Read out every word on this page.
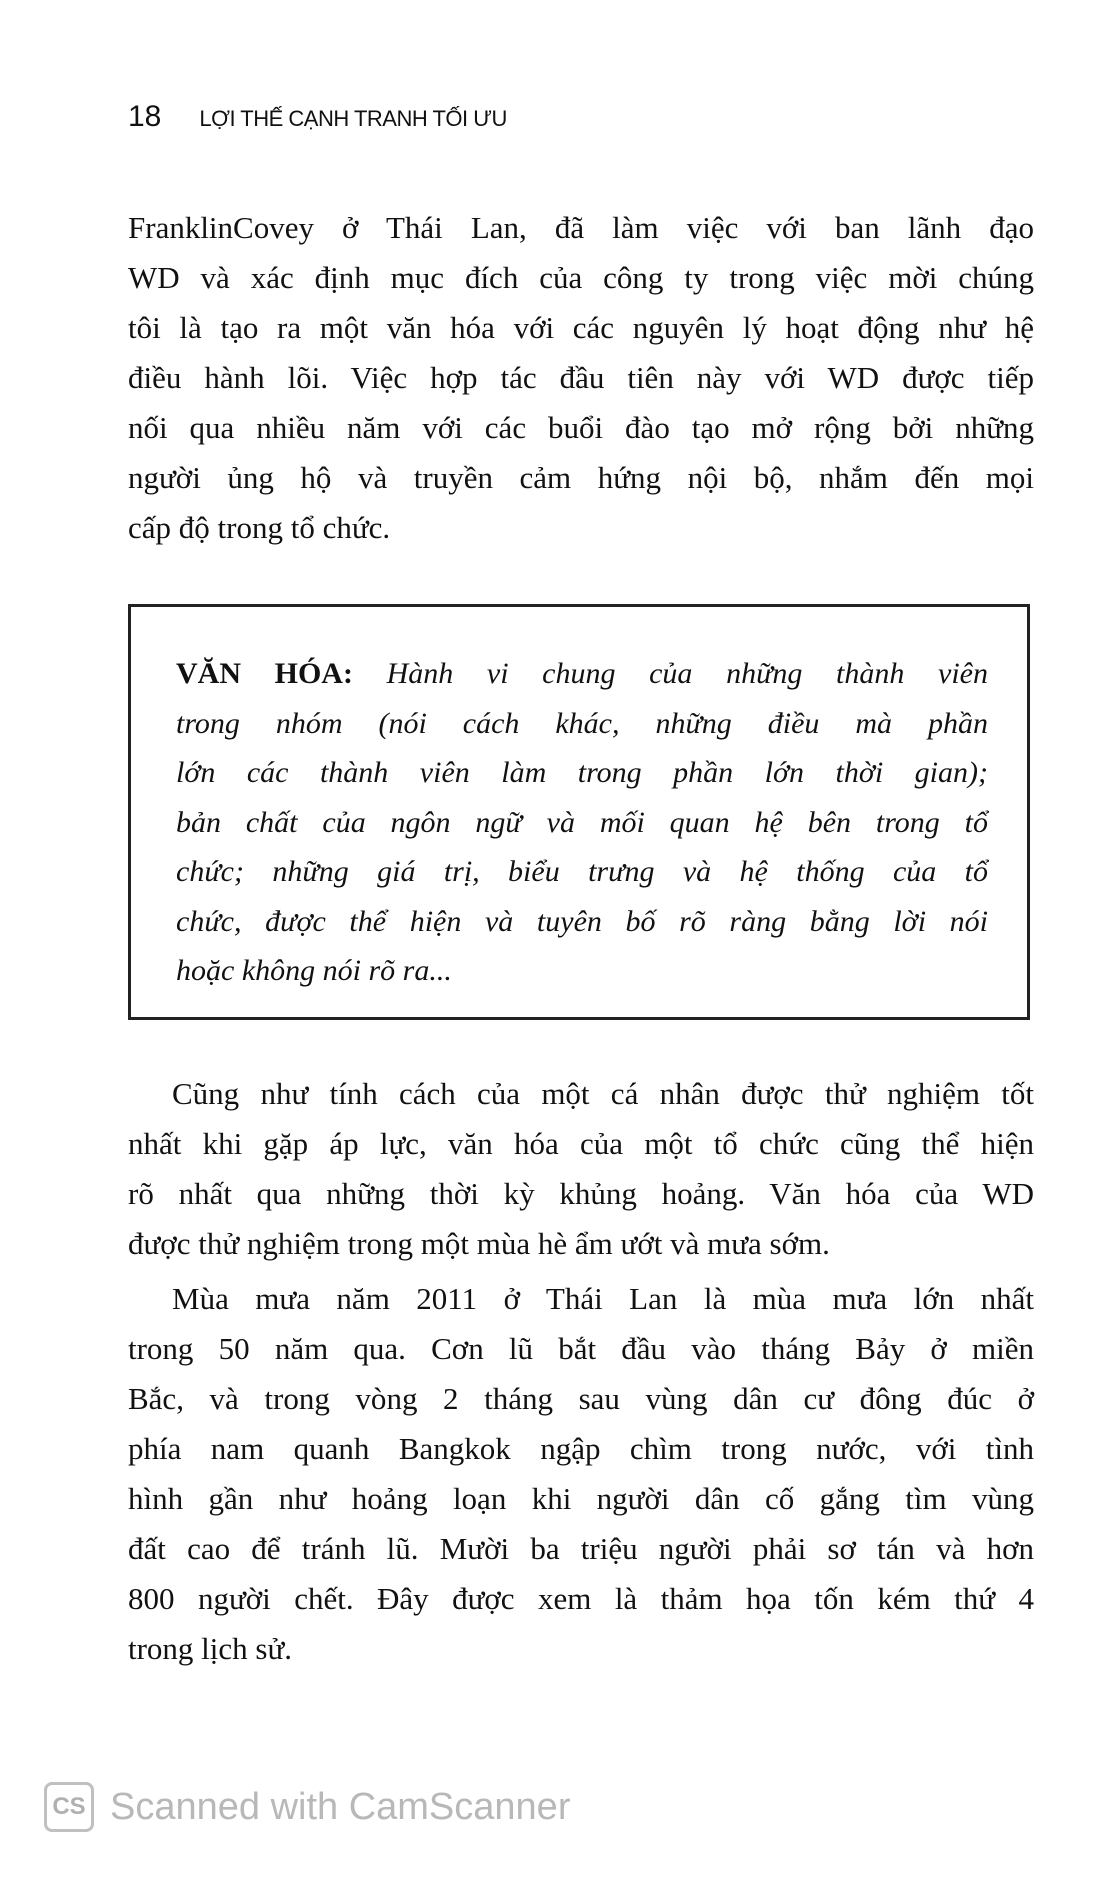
18 LỢI THẾ CẠNH TRANH TỐI ƯU
FranklinCovey ở Thái Lan, đã làm việc với ban lãnh đạo
WD và xác định mục đích của công ty trong việc mời chúng
tôi là tạo ra một văn hóa với các nguyên lý hoạt động như hệ
điều hành lõi. Việc hợp tác đầu tiên này với WD được tiếp
nối qua nhiều năm với các buổi đào tạo mở rộng bởi những
người ủng hộ và truyền cảm hứng nội bộ, nhắm đến mọi
cấp độ trong tổ chức.
VĂN HÓA: Hành vi chung của những thành viên
trong nhóm (nói cách khác, những điều mà phần
lớn các thành viên làm trong phần lớn thời gian);
bản chất của ngôn ngữ và mối quan hệ bên trong tổ
chức; những giá trị, biểu trưng và hệ thống của tổ
chức, được thể hiện và tuyên bố rõ ràng bằng lời nói
hoặc không nói rõ ra...
Cũng như tính cách của một cá nhân được thử nghiệm tốt
nhất khi gặp áp lực, văn hóa của một tổ chức cũng thể hiện
rõ nhất qua những thời kỳ khủng hoảng. Văn hóa của WD
được thử nghiệm trong một mùa hè ẩm ướt và mưa sớm.
Mùa mưa năm 2011 ở Thái Lan là mùa mưa lớn nhất
trong 50 năm qua. Cơn lũ bắt đầu vào tháng Bảy ở miền
Bắc, và trong vòng 2 tháng sau vùng dân cư đông đúc ở
phía nam quanh Bangkok ngập chìm trong nước, với tình
hình gần như hoảng loạn khi người dân cố gắng tìm vùng
đất cao để tránh lũ. Mười ba triệu người phải sơ tán và hơn
800 người chết. Đây được xem là thảm họa tốn kém thứ 4
trong lịch sử.
CS Scanned with CamScanner
